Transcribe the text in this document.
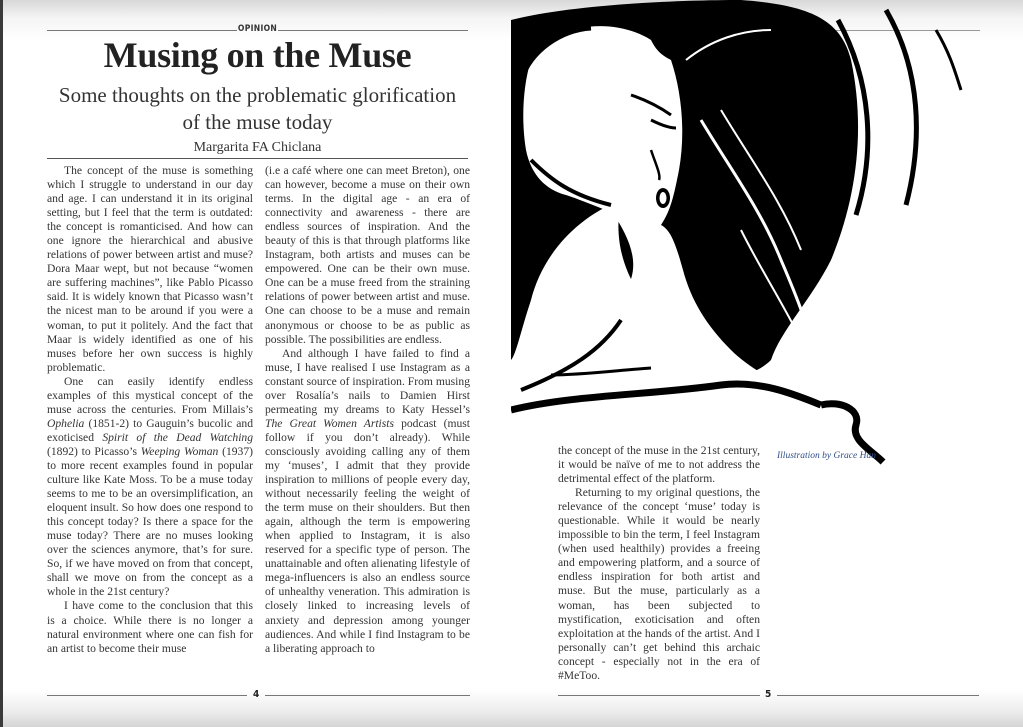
OPINION
Musing on the Muse
Some thoughts on the problematic glorification
of the muse today
Margarita FA Chiclana

The concept of the muse is something which I struggle to understand in our day and age. I can understand it in its original setting, but I feel that the term is outdated: the concept is romanticised. And how can one ignore the hierarchical and abusive relations of power between artist and muse? Dora Maar wept, but not because “women are suffering machines”, like Pablo Picasso said. It is widely known that Picasso wasn’t the nicest man to be around if you were a woman, to put it politely. And the fact that Maar is widely identified as one of his muses before her own success is highly problematic.

One can easily identify endless examples of this mystical concept of the muse across the centuries. From Millais’s Ophelia (1851-2) to Gauguin’s bucolic and exoticised Spirit of the Dead Watching (1892) to Picasso’s Weeping Woman (1937) to more recent examples found in popular culture like Kate Moss. To be a muse today seems to me to be an oversimplification, an eloquent insult. So how does one respond to this concept today? Is there a space for the muse today? There are no muses looking over the sciences anymore, that’s for sure. So, if we have moved on from that concept, shall we move on from the concept as a whole in the 21st century?

I have come to the conclusion that this is a choice. While there is no longer a natural environment where one can fish for an artist to become their muse

(i.e a café where one can meet Breton), one can however, become a muse on their own terms. In the digital age - an era of connectivity and awareness - there are endless sources of inspiration. And the beauty of this is that through platforms like Instagram, both artists and muses can be empowered. One can be their own muse. One can be a muse freed from the straining relations of power between artist and muse. One can choose to be a muse and remain anonymous or choose to be as public as possible. The possibilities are endless.

And although I have failed to find a muse, I have realised I use Instagram as a constant source of inspiration. From musing over Rosalía’s nails to Damien Hirst permeating my dreams to Katy Hessel’s The Great Women Artists podcast (must follow if you don’t already). While consciously avoiding calling any of them my ‘muses’, I admit that they provide inspiration to millions of people every day, without necessarily feeling the weight of the term muse on their shoulders. But then again, although the term is empowering when applied to Instagram, it is also reserved for a specific type of person. The unattainable and often alienating lifestyle of mega-influencers is also an endless source of unhealthy veneration. This admiration is closely linked to increasing levels of anxiety and depression among younger audiences. And while I find Instagram to be a liberating approach to

4
Illustration by Grace Han

the concept of the muse in the 21st century, it would be naïve of me to not address the detrimental effect of the platform.

Returning to my original questions, the relevance of the concept ‘muse’ today is questionable. While it would be nearly impossible to bin the term, I feel Instagram (when used healthily) provides a freeing and empowering platform, and a source of endless inspiration for both artist and muse. But the muse, particularly as a woman, has been subjected to mystification, exoticisation and often exploitation at the hands of the artist. And I personally can’t get behind this archaic concept - especially not in the era of #MeToo.

5
